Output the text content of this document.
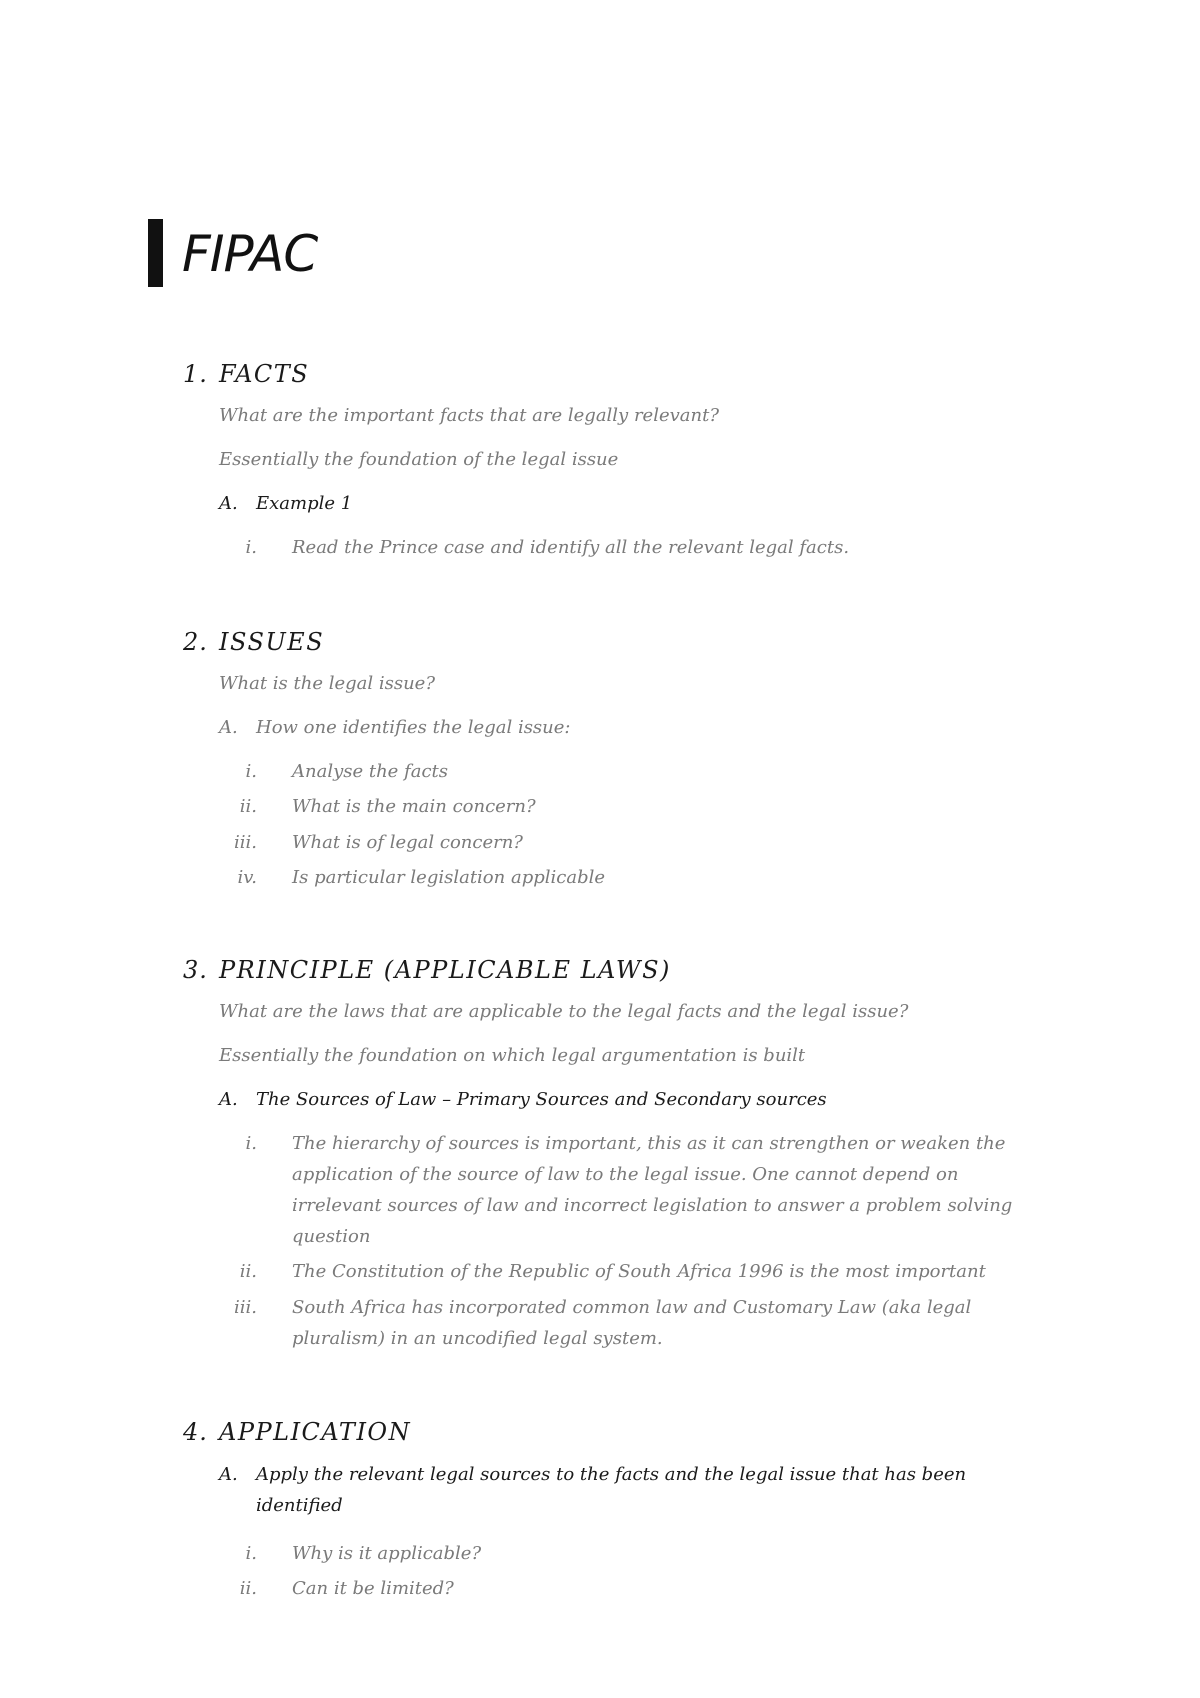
FIPAC
1. FACTS
What are the important facts that are legally relevant?
Essentially the foundation of the legal issue
A. Example 1
i. Read the Prince case and identify all the relevant legal facts.
2. ISSUES
What is the legal issue?
A. How one identifies the legal issue:
i. Analyse the facts
ii. What is the main concern?
iii. What is of legal concern?
iv. Is particular legislation applicable
3. PRINCIPLE (APPLICABLE LAWS)
What are the laws that are applicable to the legal facts and the legal issue?
Essentially the foundation on which legal argumentation is built
A. The Sources of Law – Primary Sources and Secondary sources
i. The hierarchy of sources is important, this as it can strengthen or weaken the application of the source of law to the legal issue. One cannot depend on irrelevant sources of law and incorrect legislation to answer a problem solving question
ii. The Constitution of the Republic of South Africa 1996 is the most important
iii. South Africa has incorporated common law and Customary Law (aka legal pluralism) in an uncodified legal system.
4. APPLICATION
A. Apply the relevant legal sources to the facts and the legal issue that has been identified
i. Why is it applicable?
ii. Can it be limited?
